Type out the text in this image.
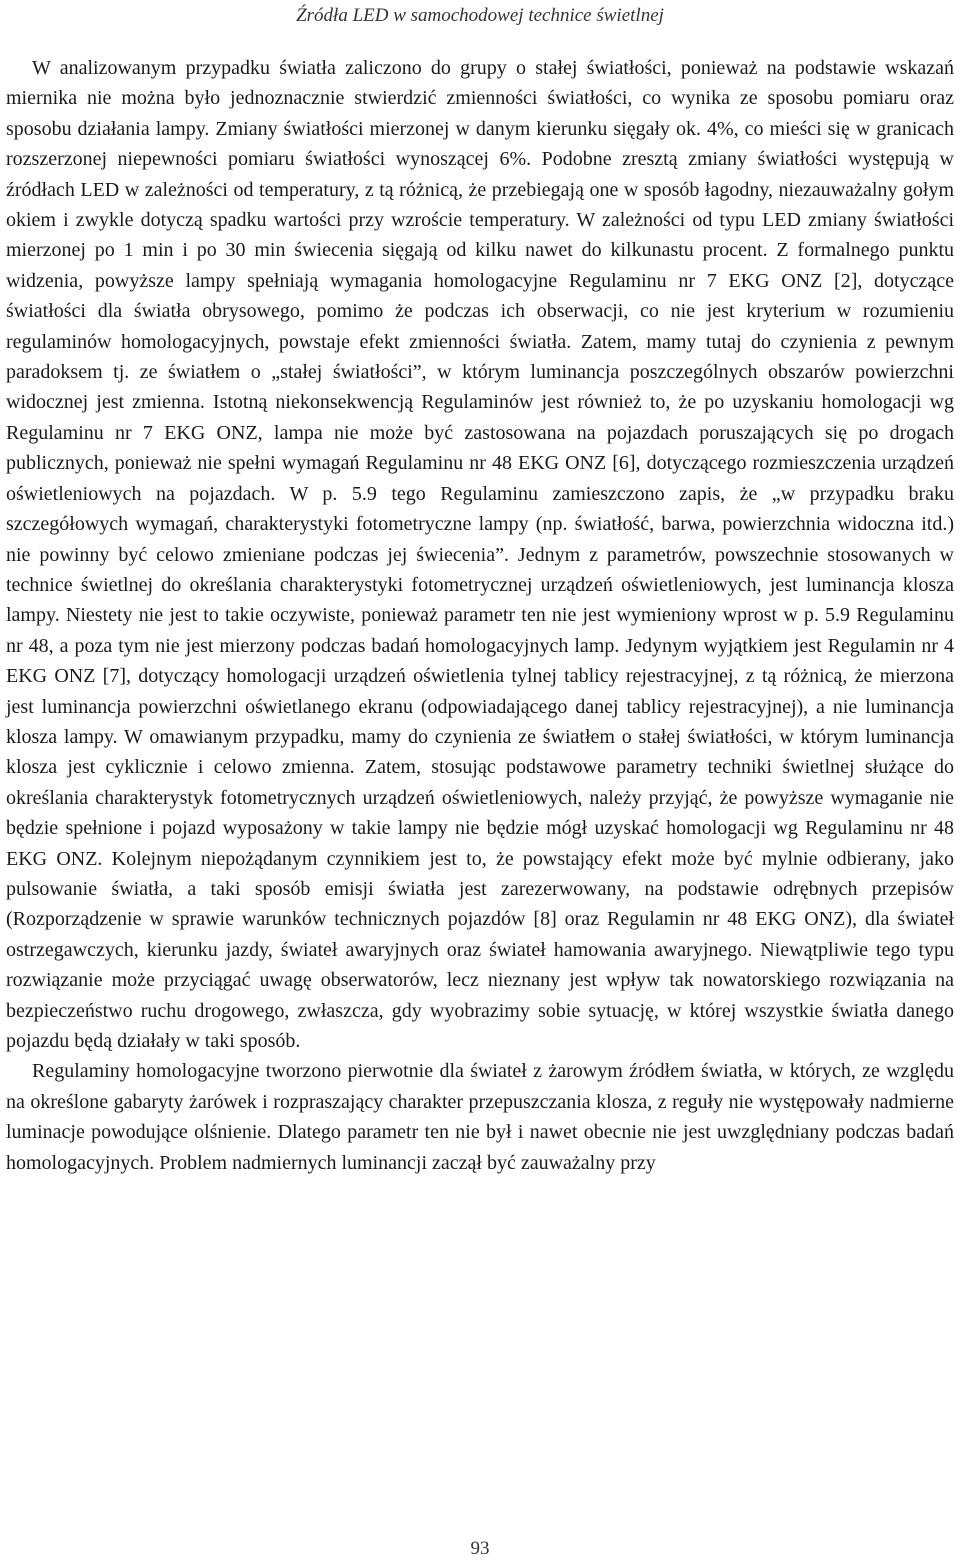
Źródła LED w samochodowej technice świetlnej

W analizowanym przypadku światła zaliczono do grupy o stałej światłości, ponieważ na podstawie wskazań miernika nie można było jednoznacznie stwierdzić zmienności światłości, co wynika ze sposobu pomiaru oraz sposobu działania lampy. Zmiany światłości mierzonej w danym kierunku sięgały ok. 4%, co mieści się w granicach rozszerzonej niepewności pomiaru światłości wynoszącej 6%. Podobne zresztą zmiany światłości występują w źródłach LED w zależności od temperatury, z tą różnicą, że przebiegają one w sposób łagodny, niezauważalny gołym okiem i zwykle dotyczą spadku wartości przy wzroście temperatury. W zależności od typu LED zmiany światłości mierzonej po 1 min i po 30 min świecenia sięgają od kilku nawet do kilkunastu procent. Z formalnego punktu widzenia, powyższe lampy spełniają wymagania homologacyjne Regulaminu nr 7 EKG ONZ [2], dotyczące światłości dla światła obrysowego, pomimo że podczas ich obserwacji, co nie jest kryterium w rozumieniu regulaminów homologacyjnych, powstaje efekt zmienności światła. Zatem, mamy tutaj do czynienia z pewnym paradoksem tj. ze światłem o „stałej światłości”, w którym luminancja poszczególnych obszarów powierzchni widocznej jest zmienna. Istotną niekonsekwencją Regulaminów jest również to, że po uzyskaniu homologacji wg Regulaminu nr 7 EKG ONZ, lampa nie może być zastosowana na pojazdach poruszających się po drogach publicznych, ponieważ nie spełni wymagań Regulaminu nr 48 EKG ONZ [6], dotyczącego rozmieszczenia urządzeń oświetleniowych na pojazdach. W p. 5.9 tego Regulaminu zamieszczono zapis, że „w przypadku braku szczegółowych wymagań, charakterystyki fotometryczne lampy (np. światłość, barwa, powierzchnia widoczna itd.) nie powinny być celowo zmieniane podczas jej świecenia”. Jednym z parametrów, powszechnie stosowanych w technice świetlnej do określania charakterystyki fotometrycznej urządzeń oświetleniowych, jest luminancja klosza lampy. Niestety nie jest to takie oczywiste, ponieważ parametr ten nie jest wymieniony wprost w p. 5.9 Regulaminu nr 48, a poza tym nie jest mierzony podczas badań homologacyjnych lamp. Jedynym wyjątkiem jest Regulamin nr 4 EKG ONZ [7], dotyczący homologacji urządzeń oświetlenia tylnej tablicy rejestracyjnej, z tą różnicą, że mierzona jest luminancja powierzchni oświetlanego ekranu (odpowiadającego danej tablicy rejestracyjnej), a nie luminancja klosza lampy. W omawianym przypadku, mamy do czynienia ze światłem o stałej światłości, w którym luminancja klosza jest cyklicznie i celowo zmienna. Zatem, stosując podstawowe parametry techniki świetlnej służące do określania charakterystyk fotometrycznych urządzeń oświetleniowych, należy przyjąć, że powyższe wymaganie nie będzie spełnione i pojazd wyposażony w takie lampy nie będzie mógł uzyskać homologacji wg Regulaminu nr 48 EKG ONZ. Kolejnym niepożądanym czynnikiem jest to, że powstający efekt może być mylnie odbierany, jako pulsowanie światła, a taki sposób emisji światła jest zarezerwowany, na podstawie odrębnych przepisów (Rozporządzenie w sprawie warunków technicznych pojazdów [8] oraz Regulamin nr 48 EKG ONZ), dla świateł ostrzegawczych, kierunku jazdy, świateł awaryjnych oraz świateł hamowania awaryjnego. Niewątpliwie tego typu rozwiązanie może przyciągać uwagę obserwatorów, lecz nieznany jest wpływ tak nowatorskiego rozwiązania na bezpieczeństwo ruchu drogowego, zwłaszcza, gdy wyobrazimy sobie sytuację, w której wszystkie światła danego pojazdu będą działały w taki sposób.

Regulaminy homologacyjne tworzono pierwotnie dla świateł z żarowym źródłem światła, w których, ze względu na określone gabaryty żarówek i rozpraszający charakter przepuszczania klosza, z reguły nie występowały nadmierne luminacje powodujące olśnienie. Dlatego parametr ten nie był i nawet obecnie nie jest uwzględniany podczas badań homologacyjnych. Problem nadmiernych luminancji zaczął być zauważalny przy

93
